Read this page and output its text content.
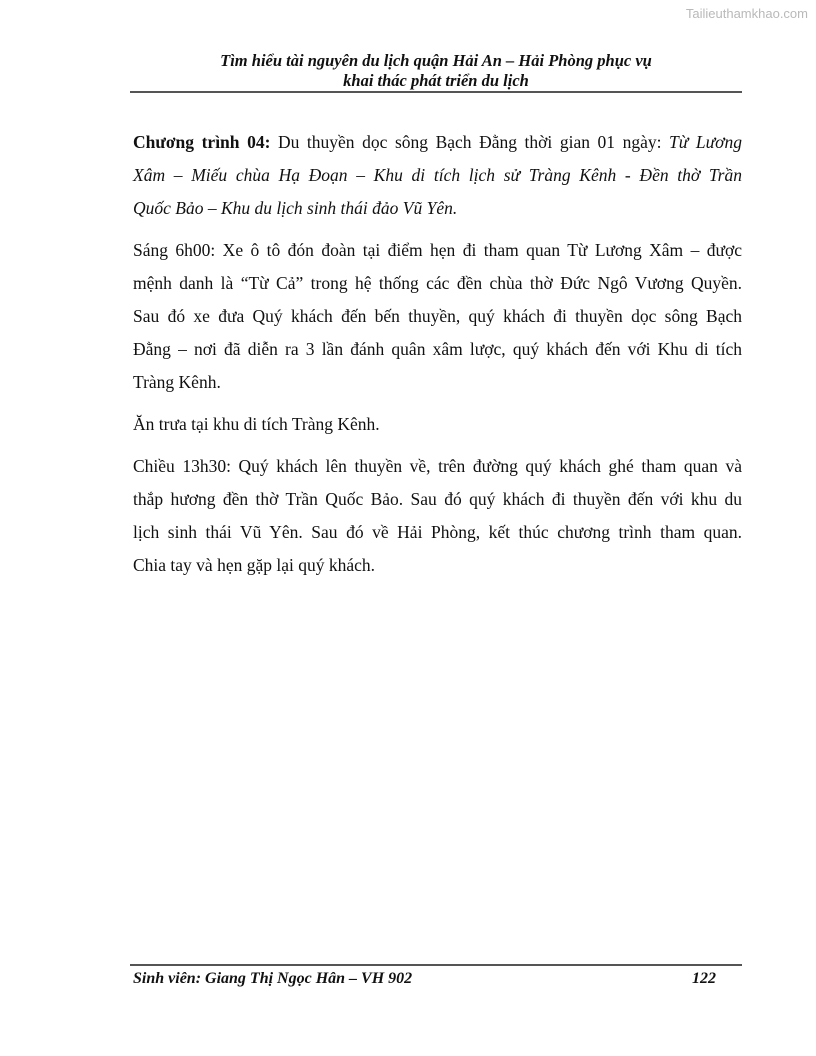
Tailieuthamkhao.com
Tìm hiểu tài nguyên du lịch quận Hải An – Hải Phòng phục vụ
khai thác phát triển du lịch
Chương trình 04: Du thuyền dọc sông Bạch Đằng thời gian 01 ngày: Từ Lương
Xâm – Miếu chùa Hạ Đoạn – Khu di tích lịch sử Tràng Kênh - Đền thờ Trần
Quốc Bảo – Khu du lịch sinh thái đảo Vũ Yên.
Sáng 6h00: Xe ô tô đón đoàn tại điểm hẹn đi tham quan Từ Lương Xâm – được
mệnh danh là “Từ Cả” trong hệ thống các đền chùa thờ Đức Ngô Vương Quyền.
Sau đó xe đưa Quý khách đến bến thuyền, quý khách đi thuyền dọc sông Bạch
Đằng – nơi đã diễn ra 3 lần đánh quân xâm lược, quý khách đến với Khu di tích
Tràng Kênh.
Ăn trưa tại khu di tích Tràng Kênh.
Chiều 13h30: Quý khách lên thuyền về, trên đường quý khách ghé tham quan và
thắp hương đền thờ Trần Quốc Bảo. Sau đó quý khách đi thuyền đến với khu du
lịch sinh thái Vũ Yên. Sau đó về Hải Phòng, kết thúc chương trình tham quan.
Chia tay và hẹn gặp lại quý khách.
Sinh viên: Giang Thị Ngọc Hân – VH 902	122
